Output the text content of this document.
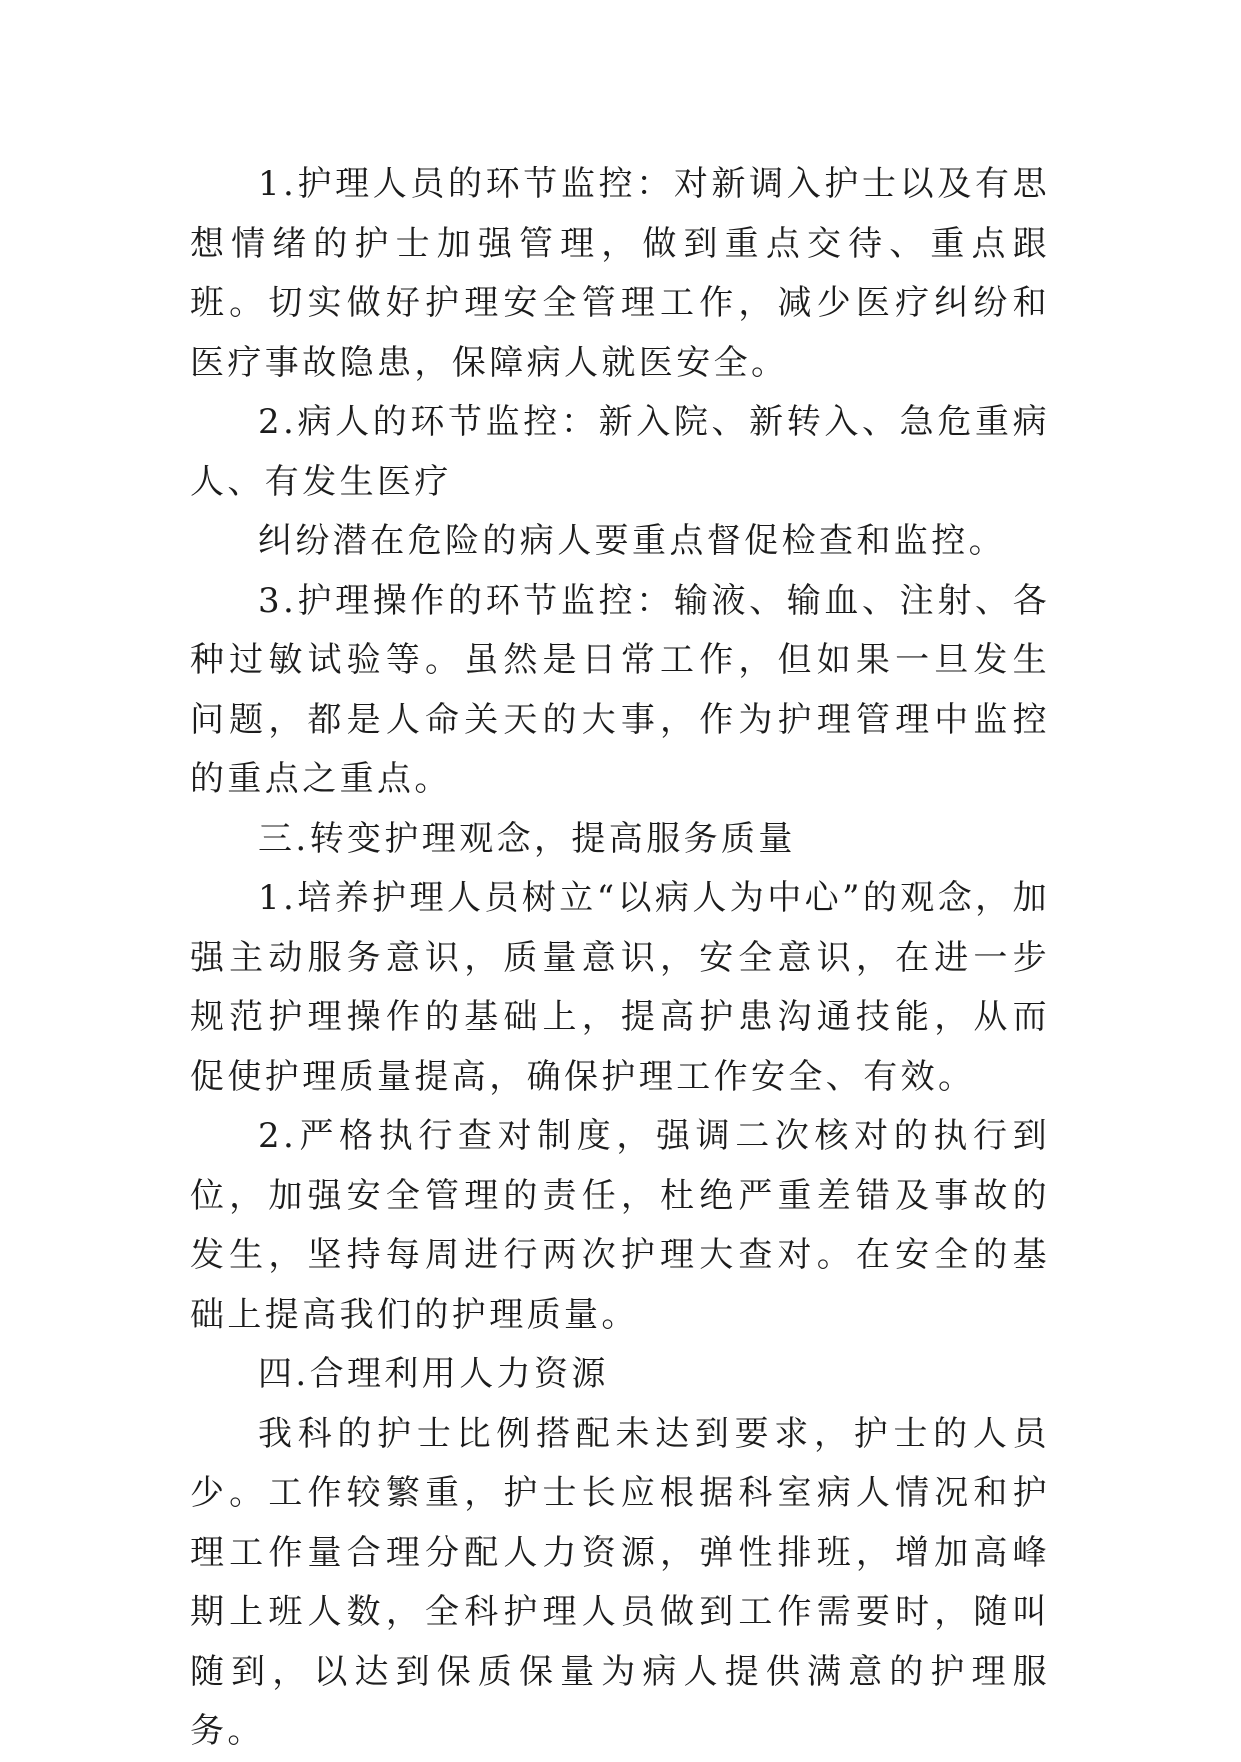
1.护理人员的环节监控：对新调入护士以及有思想情绪的护士加强管理，做到重点交待、重点跟班。切实做好护理安全管理工作，减少医疗纠纷和医疗事故隐患，保障病人就医安全。

2.病人的环节监控：新入院、新转入、急危重病人、有发生医疗

纠纷潜在危险的病人要重点督促检查和监控。

3.护理操作的环节监控：输液、输血、注射、各种过敏试验等。虽然是日常工作，但如果一旦发生问题，都是人命关天的大事，作为护理管理中监控的重点之重点。

三.转变护理观念，提高服务质量

1.培养护理人员树立“以病人为中心”的观念，加强主动服务意识，质量意识，安全意识，在进一步规范护理操作的基础上，提高护患沟通技能，从而促使护理质量提高，确保护理工作安全、有效。

2.严格执行查对制度，强调二次核对的执行到位，加强安全管理的责任，杜绝严重差错及事故的发生，坚持每周进行两次护理大查对。在安全的基础上提高我们的护理质量。

四.合理利用人力资源

我科的护士比例搭配未达到要求，护士的人员少。工作较繁重，护士长应根据科室病人情况和护理工作量合理分配人力资源，弹性排班，增加高峰期上班人数，全科护理人员做到工作需要时，随叫随到，以达到保质保量为病人提供满意的护理服务。
